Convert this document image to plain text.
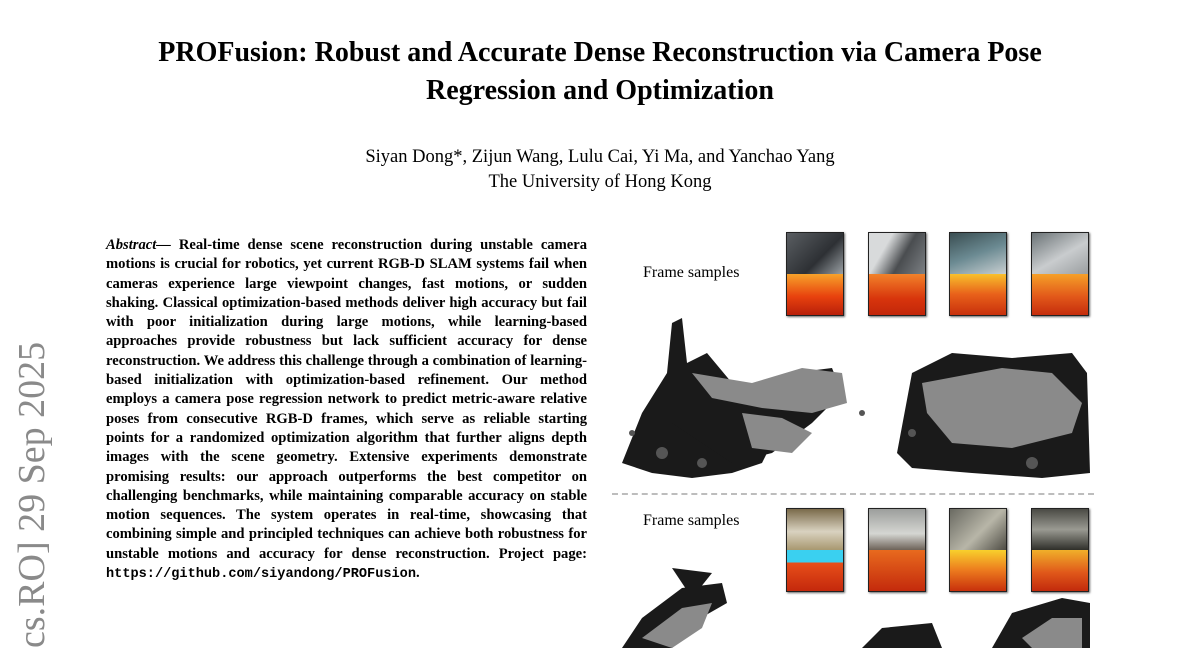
PROFusion: Robust and Accurate Dense Reconstruction via Camera Pose Regression and Optimization
Siyan Dong*, Zijun Wang, Lulu Cai, Yi Ma, and Yanchao Yang
The University of Hong Kong
cs.RO] 29 Sep 2025
Abstract— Real-time dense scene reconstruction during unstable camera motions is crucial for robotics, yet current RGB-D SLAM systems fail when cameras experience large viewpoint changes, fast motions, or sudden shaking. Classical optimization-based methods deliver high accuracy but fail with poor initialization during large motions, while learning-based approaches provide robustness but lack sufficient accuracy for dense reconstruction. We address this challenge through a combination of learning-based initialization with optimization-based refinement. Our method employs a camera pose regression network to predict metric-aware relative poses from consecutive RGB-D frames, which serve as reliable starting points for a randomized optimization algorithm that further aligns depth images with the scene geometry. Extensive experiments demonstrate promising results: our approach outperforms the best competitor on challenging benchmarks, while maintaining comparable accuracy on stable motion sequences. The system operates in real-time, showcasing that combining simple and principled techniques can achieve both robustness for unstable motions and accuracy for dense reconstruction. Project page: https://github.com/siyandong/PROFusion.
Frame samples
Frame samples
